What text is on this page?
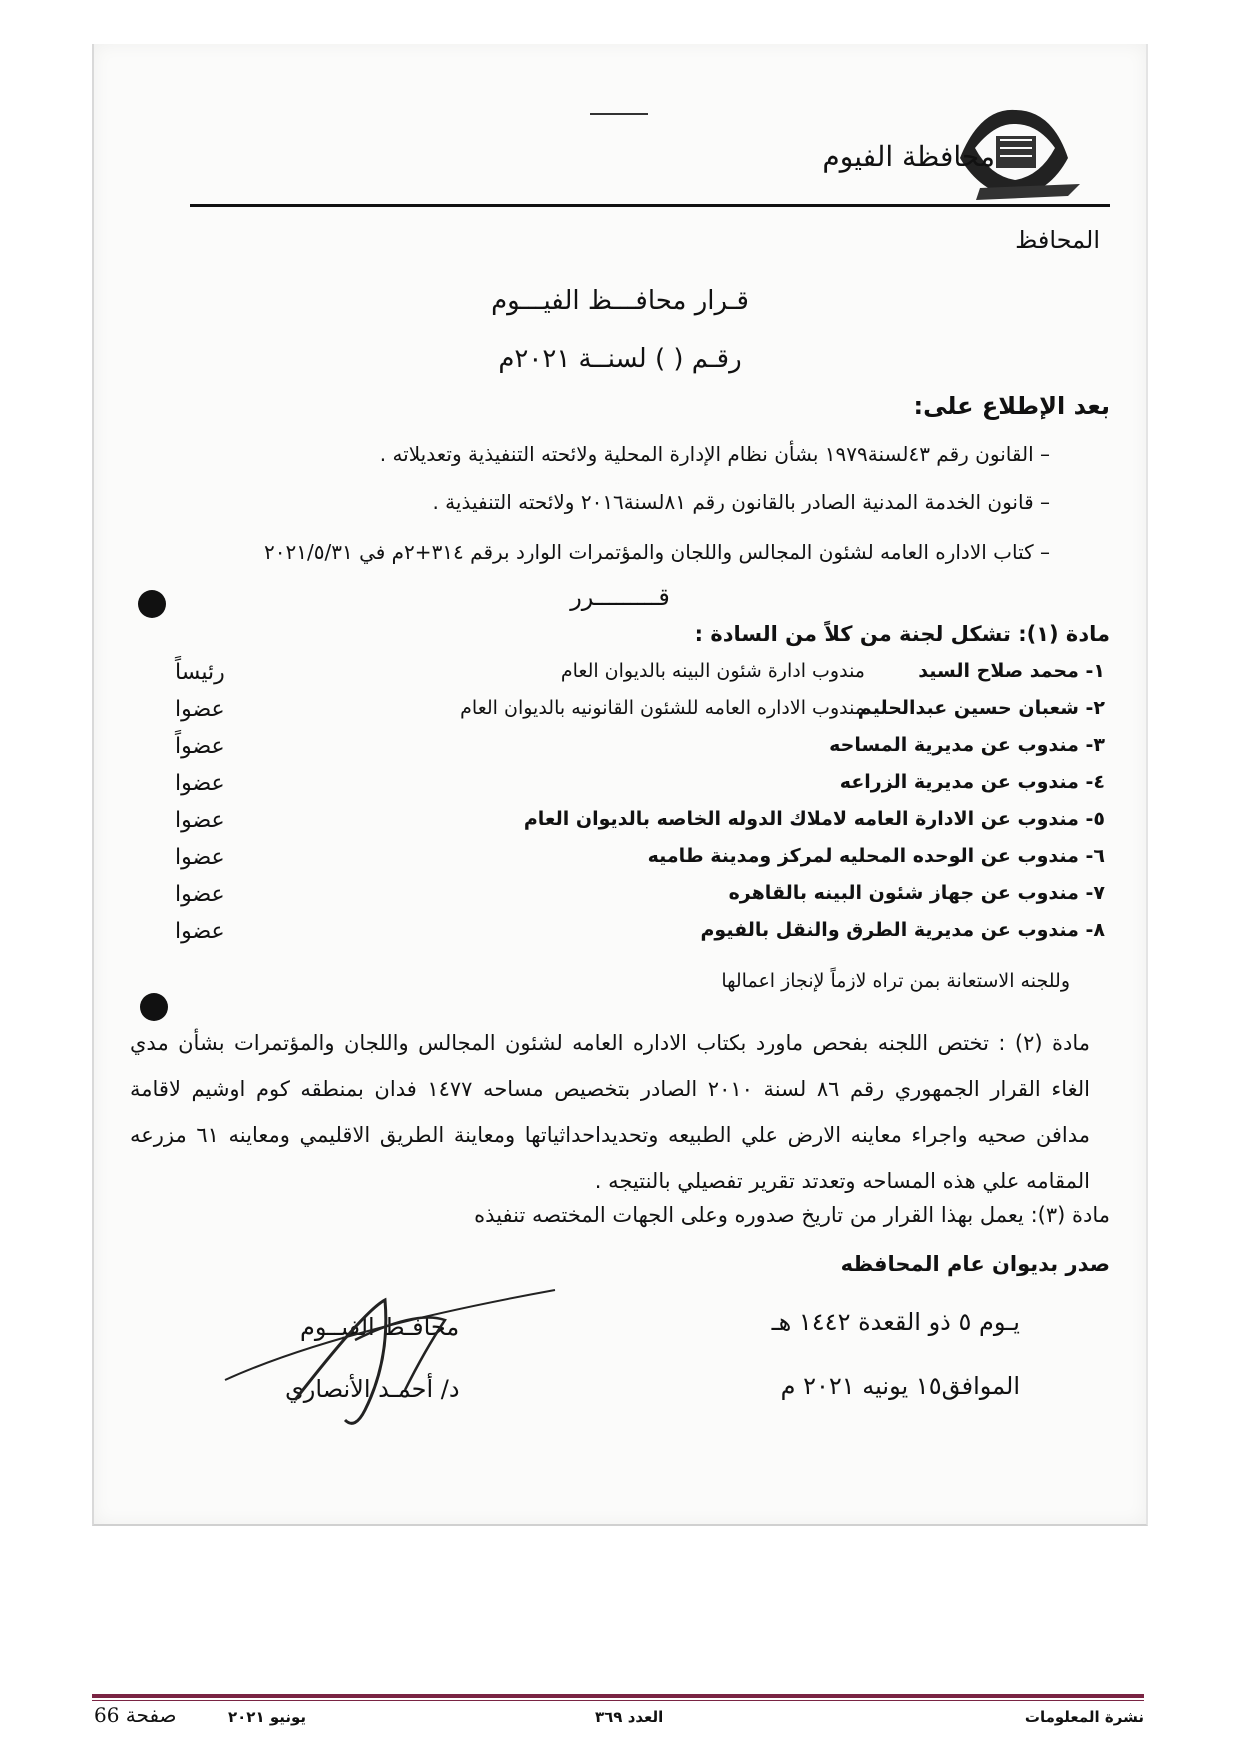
محافظة الفيوم
المحافظ
قـرار محافـــظ الفيـــوم
رقـم ( ) لسنــة ٢٠٢١م
بعد الإطلاع على:
– القانون رقم ٤٣لسنة١٩٧٩ بشأن نظام الإدارة المحلية ولائحته التنفيذية وتعديلاته .
– قانون الخدمة المدنية الصادر بالقانون رقم ٨١لسنة٢٠١٦ ولائحته التنفيذية .
– كتاب الاداره العامه لشئون المجالس واللجان والمؤتمرات الوارد برقم ٣١٤+٢م في ٢٠٢١/٥/٣١
قـــــــــرر
مادة (١): تشكل لجنة من كلاً من السادة :
١- محمد صلاح السيد
مندوب ادارة شئون البينه بالديوان العام
رئيساً
٢- شعبان حسين عبدالحليم
مندوب الاداره العامه للشئون القانونيه بالديوان العام
عضوا
٣- مندوب عن مديرية المساحه
عضواً
٤- مندوب عن مديرية الزراعه
عضوا
٥- مندوب عن الادارة العامه لاملاك الدوله الخاصه بالديوان العام
عضوا
٦- مندوب عن الوحده المحليه لمركز ومدينة طاميه
عضوا
٧- مندوب عن جهاز شئون البينه بالقاهره
عضوا
٨- مندوب عن مديرية الطرق والنقل بالفيوم
عضوا
وللجنه الاستعانة بمن تراه لازماً لإنجاز اعمالها
مادة (٢) : تختص اللجنه بفحص ماورد بكتاب الاداره العامه لشئون المجالس واللجان والمؤتمرات بشأن مدي الغاء القرار الجمهوري رقم ٨٦ لسنة ٢٠١٠ الصادر بتخصيص مساحه ١٤٧٧ فدان بمنطقه كوم اوشيم لاقامة مدافن صحيه واجراء معاينه الارض علي الطبيعه وتحديداحداثياتها ومعاينة الطريق الاقليمي ومعاينه ٦١ مزرعه المقامه علي هذه المساحه وتعدتد تقرير تفصيلي بالنتيجه .
مادة (٣): يعمل بهذا القرار من تاريخ صدوره وعلى الجهات المختصه تنفيذه
صدر بديوان عام المحافظه
يـوم ٥ ذو القعدة ١٤٤٢ هـ
الموافق١٥ يونيه ٢٠٢١ م
محافـظ الفيــوم
د/ أحمـد الأنصاري
نشرة المعلومات
العدد ٣٦٩
يونيو ٢٠٢١
صفحة 66
